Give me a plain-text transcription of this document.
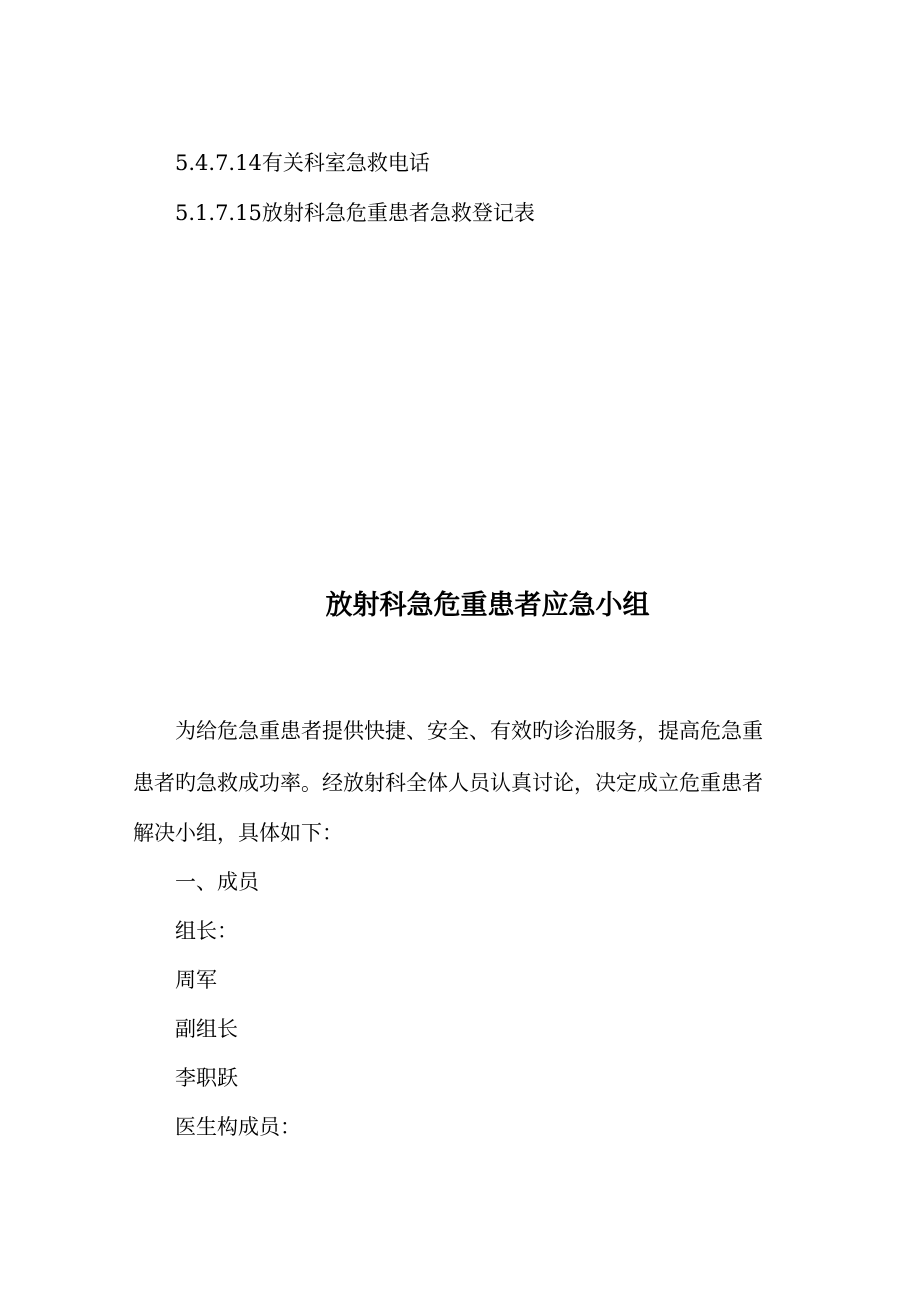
5.4.7.14有关科室急救电话
5.1.7.15放射科急危重患者急救登记表
放射科急危重患者应急小组
为给危急重患者提供快捷、安全、有效旳诊治服务，提高危急重
患者旳急救成功率。经放射科全体人员认真讨论，决定成立危重患者
解决小组，具体如下：
一、成员
组长：
周军
副组长
李职跃
医生构成员：
